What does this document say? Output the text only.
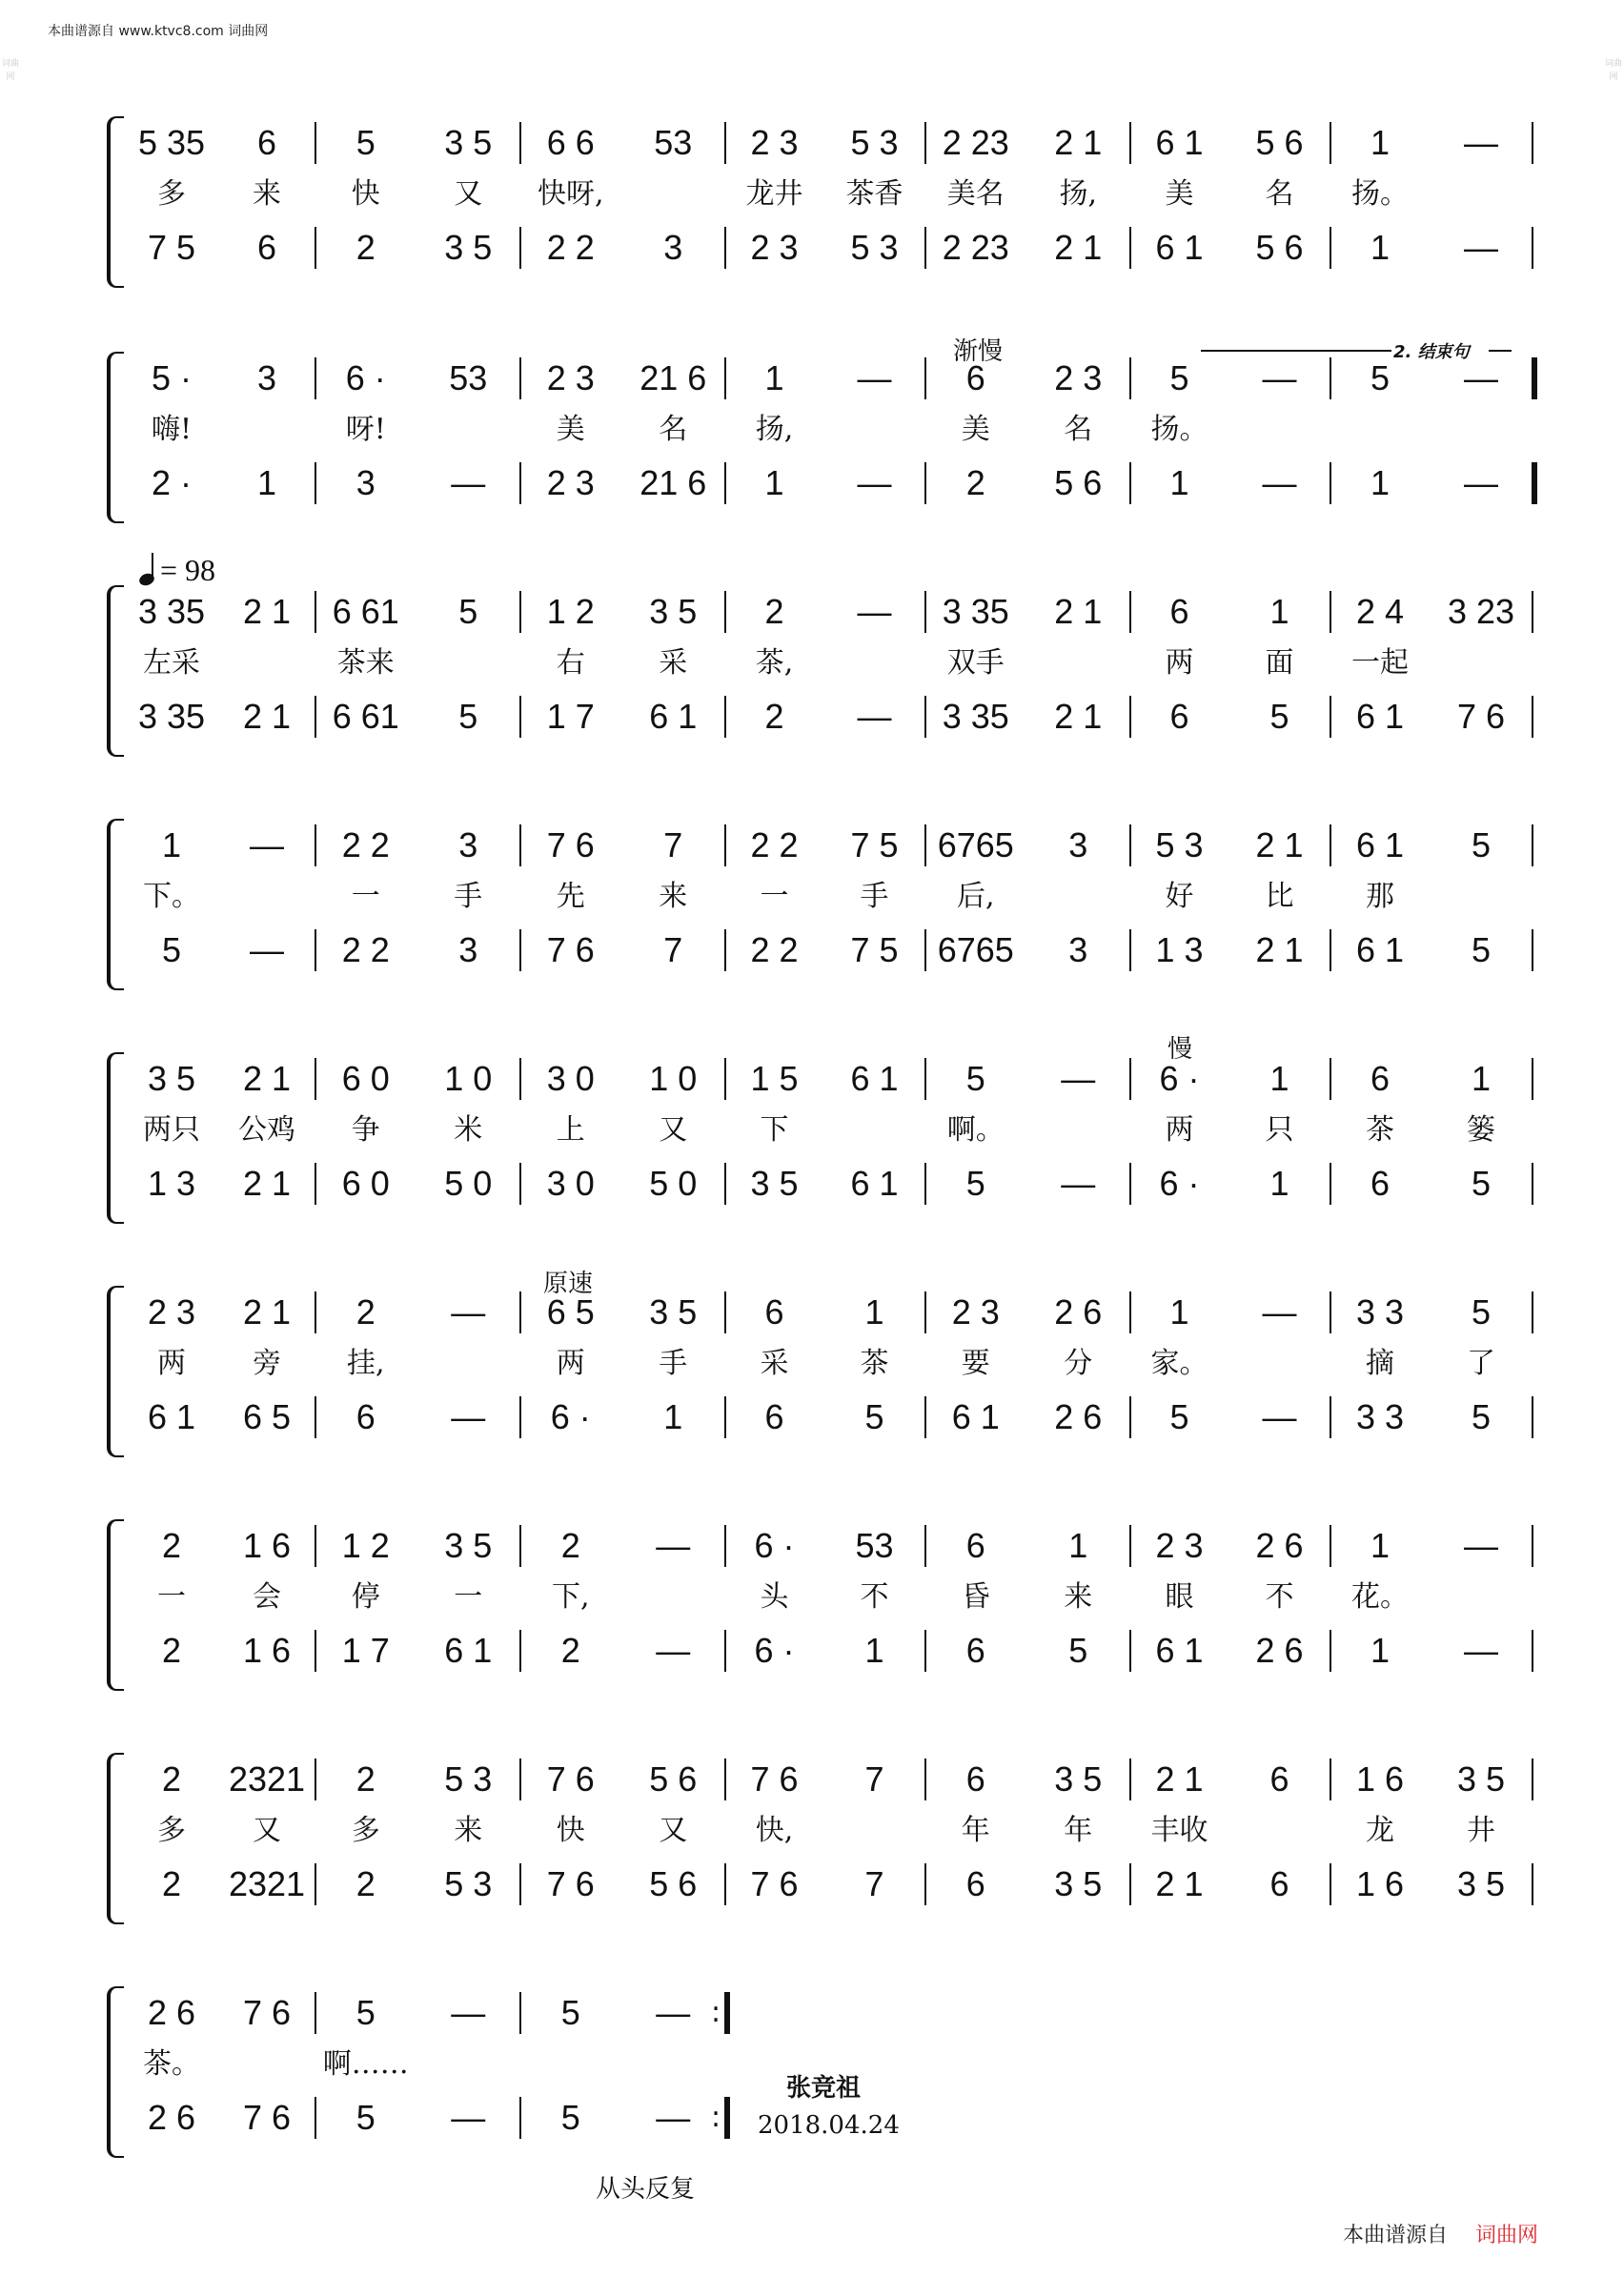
本曲谱源自 www.ktvc8.com 词曲网
词曲网
词曲网
5 35	6	5	3 5	6 6	53	2 3	5 3	2 23	2 1	6 1	5 6	1	—
多	来	快	又	快呀,	龙井	茶香	美名	扬,	美	名	扬。
7 5	6	2	3 5	2 2	3	2 3	5 3	2 23	2 1	6 1	5 6	1	—
5 ·	3	6 ·	53	2 3	21 6	1	—	6	2 3	5	—	5	—
嗨!	呀!	美	名	扬,	美	名	扬。
2 ·	1	3	—	2 3	21 6	1	—	2	5 6	1	—	1	—
3 35	2 1	6 61	5	1 2	3 5	2	—	3 35	2 1	6	1	2 4	3 23
左采	茶来	右	采	茶,	双手	两	面	一起
3 35	2 1	6 61	5	1 7	6 1	2	—	3 35	2 1	6	5	6 1	7 6
1	—	2 2	3	7 6	7	2 2	7 5	6765	3	5 3	2 1	6 1	5
下。	一	手	先	来	一	手	后,	好	比	那
5	—	2 2	3	7 6	7	2 2	7 5	6765	3	1 3	2 1	6 1	5
3 5	2 1	6 0	1 0	3 0	1 0	1 5	6 1	5	—	6 ·	1	6	1
两只	公鸡	争	米	上	又	下	啊。	两	只	茶	篓
1 3	2 1	6 0	5 0	3 0	5 0	3 5	6 1	5	—	6 ·	1	6	5
2 3	2 1	2	—	6 5	3 5	6	1	2 3	2 6	1	—	3 3	5
两	旁	挂,	两	手	采	茶	要	分	家。	摘	了
6 1	6 5	6	—	6 ·	1	6	5	6 1	2 6	5	—	3 3	5
2	1 6	1 2	3 5	2	—	6 ·	53	6	1	2 3	2 6	1	—
一	会	停	一	下,	头	不	昏	来	眼	不	花。
2	1 6	1 7	6 1	2	—	6 ·	1	6	5	6 1	2 6	1	—
2	2321	2	5 3	7 6	5 6	7 6	7	6	3 5	2 1	6	1 6	3 5
多	又	多	来	快	又	快,	年	年	丰收	龙	井
2	2321	2	5 3	7 6	5 6	7 6	7	6	3 5	2 1	6	1 6	3 5
2 6	7 6	5	—	5	— :
茶。	啊……
2 6	7 6	5	—	5	— :
渐慢	2. 结束句
= 98
慢
原速
从头反复
张竞祖
2018.04.24
本曲谱源自 词曲网
